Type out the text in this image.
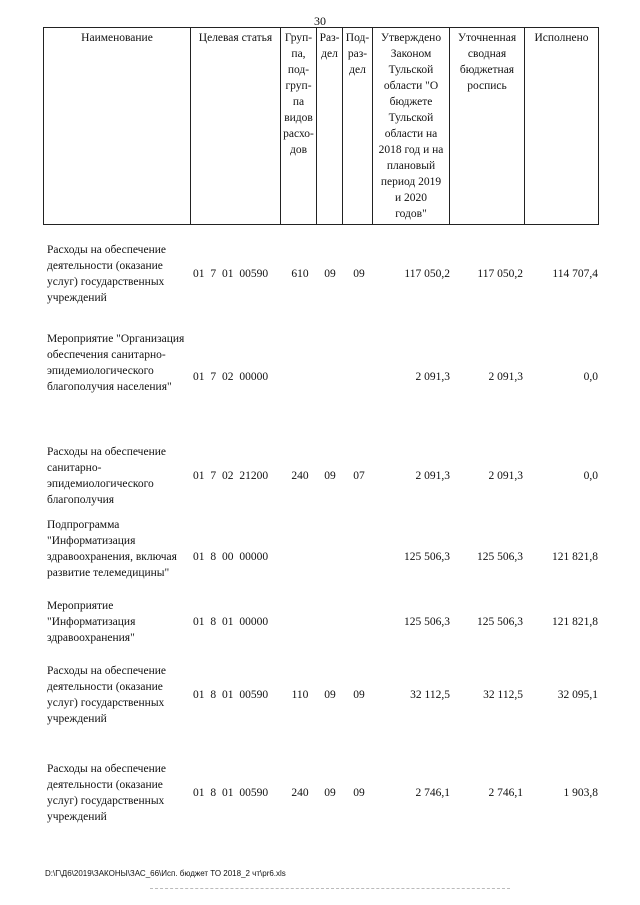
30
Наименование	Целевая статья	Груп-
па,
под-
груп-
па
видов
расхо-
дов	Раз-
дел	Под-
раз-
дел	Утверждено
Законом
Тульской
области "О
бюджете
Тульской
области на
2018 год и на
плановый
период 2019
и 2020
годов"	Уточненная
сводная
бюджетная
роспись	Исполнено
Расходы на обеспечение деятельности (оказание услуг) государственных учреждений
01 7 01 00590	610	09	09	117 050,2	117 050,2	114 707,4
Мероприятие "Организация обеспечения санитарно-эпидемиологического благополучия населения"
01 7 02 00000	2 091,3	2 091,3	0,0
Расходы на обеспечение санитарно-эпидемиологического благополучия
01 7 02 21200	240	09	07	2 091,3	2 091,3	0,0
Подпрограмма "Информатизация здравоохранения, включая развитие телемедицины"
01 8 00 00000	125 506,3	125 506,3	121 821,8
Мероприятие "Информатизация здравоохранения"
01 8 01 00000	125 506,3	125 506,3	121 821,8
Расходы на обеспечение деятельности (оказание услуг) государственных учреждений
01 8 01 00590	110	09	09	32 112,5	32 112,5	32 095,1
Расходы на обеспечение деятельности (оказание услуг) государственных учреждений
01 8 01 00590	240	09	09	2 746,1	2 746,1	1 903,8
D:\Г\Д6\2019\ЗАКОНЫ\ЗАС_66\Исп. бюджет ТО 2018_2 чт\pr6.xls
